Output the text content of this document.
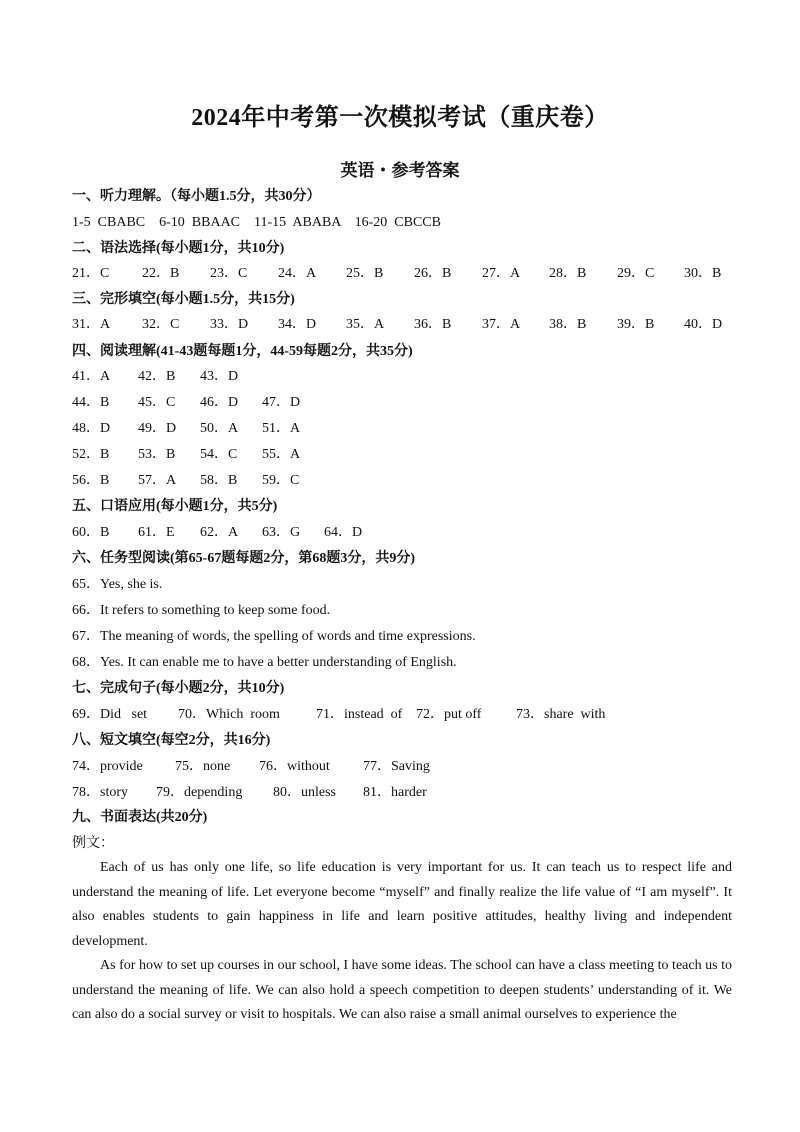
2024年中考第一次模拟考试（重庆卷）
英语・参考答案
一、听力理解。（每小题1.5分，共30分）
1-5  CBABC    6-10  BBAAC    11-15  ABABA    16-20  CBCCB
二、语法选择(每小题1分，共10分)
21．C	22．B	23．C	24．A	25．B	26．B	27．A	28．B	29．C	30．B
三、完形填空(每小题1.5分，共15分)
31．A	32．C	33．D	34．D	35．A	36．B	37．A	38．B	39．B	40．D
四、阅读理解(41-43题每题1分，44-59每题2分，共35分)
41．A	42．B	43．D
44．B	45．C	46．D	47．D
48．D	49．D	50．A	51．A
52．B	53．B	54．C	55．A
56．B	57．A	58．B	59．C
五、口语应用(每小题1分，共5分)
60．B	61．E	62．A	63．G	64．D
六、任务型阅读(第65-67题每题2分，第68题3分，共9分)
65．Yes, she is.
66．It refers to something to keep some food.
67．The meaning of words, the spelling of words and time expressions.
68．Yes. It can enable me to have a better understanding of English.
七、完成句子(每小题2分，共10分)
69．Did   set	70．Which  room	71．instead  of 72．put off	73．share  with
八、短文填空(每空2分，共16分)
74．provide	75．none	76．without	77．Saving
78．story	79．depending	80．unless	81．harder
九、书面表达(共20分)
例文：
Each of us has only one life, so life education is very important for us. It can teach us to respect life and understand the meaning of life. Let everyone become “myself” and finally realize the life value of “I am myself”. It also enables students to gain happiness in life and learn positive attitudes, healthy living and independent development.
As for how to set up courses in our school, I have some ideas. The school can have a class meeting to teach us to understand the meaning of life. We can also hold a speech competition to deepen students’ understanding of it. We can also do a social survey or visit to hospitals. We can also raise a small animal ourselves to experience the
